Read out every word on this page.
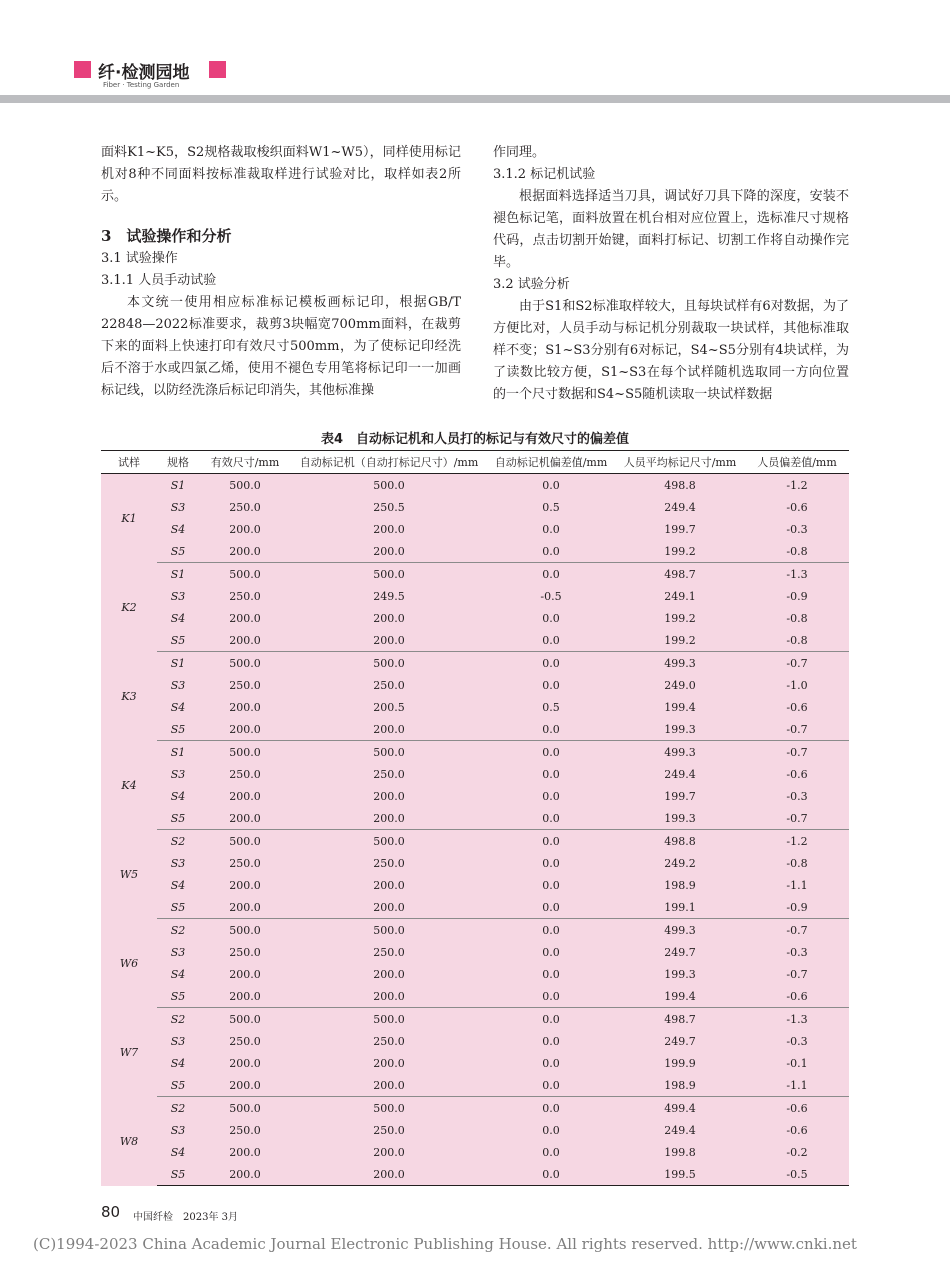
纤·检测园地
Fiber · Testing Garden

面料K1~K5，S2规格裁取梭织面料W1~W5），同样使用标记机对8种不同面料按标准裁取样进行试验对比，取样如表2所示。

3　试验操作和分析

3.1 试验操作

3.1.1 人员手动试验

本文统一使用相应标准标记模板画标记印，根据GB/T 22848—2022标准要求，裁剪3块幅宽700mm面料，在裁剪下来的面料上快速打印有效尺寸500mm，为了使标记印经洗后不溶于水或四氯乙烯，使用不褪色专用笔将标记印一一加画标记线，以防经洗涤后标记印消失，其他标准操

作同理。

3.1.2 标记机试验

根据面料选择适当刀具，调试好刀具下降的深度，安装不褪色标记笔，面料放置在机台相对应位置上，选标准尺寸规格代码，点击切割开始键，面料打标记、切割工作将自动操作完毕。

3.2 试验分析

由于S1和S2标准取样较大，且每块试样有6对数据，为了方便比对，人员手动与标记机分别裁取一块试样，其他标准取样不变；S1~S3分别有6对标记，S4~S5分别有4块试样，为了读数比较方便，S1~S3在每个试样随机选取同一方向位置的一个尺寸数据和S4~S5随机读取一块试样数据

表4　自动标记机和人员打的标记与有效尺寸的偏差值
试样	规格	有效尺寸/mm	自动标记机（自动打标记尺寸）/mm	自动标记机偏差值/mm	人员平均标记尺寸/mm	人员偏差值/mm
K1	S1	500.0	500.0	0.0	498.8	-1.2
	S3	250.0	250.5	0.5	249.4	-0.6
	S4	200.0	200.0	0.0	199.7	-0.3
	S5	200.0	200.0	0.0	199.2	-0.8
K2	S1	500.0	500.0	0.0	498.7	-1.3
	S3	250.0	249.5	-0.5	249.1	-0.9
	S4	200.0	200.0	0.0	199.2	-0.8
	S5	200.0	200.0	0.0	199.2	-0.8
K3	S1	500.0	500.0	0.0	499.3	-0.7
	S3	250.0	250.0	0.0	249.0	-1.0
	S4	200.0	200.5	0.5	199.4	-0.6
	S5	200.0	200.0	0.0	199.3	-0.7
K4	S1	500.0	500.0	0.0	499.3	-0.7
	S3	250.0	250.0	0.0	249.4	-0.6
	S4	200.0	200.0	0.0	199.7	-0.3
	S5	200.0	200.0	0.0	199.3	-0.7
W5	S2	500.0	500.0	0.0	498.8	-1.2
	S3	250.0	250.0	0.0	249.2	-0.8
	S4	200.0	200.0	0.0	198.9	-1.1
	S5	200.0	200.0	0.0	199.1	-0.9
W6	S2	500.0	500.0	0.0	499.3	-0.7
	S3	250.0	250.0	0.0	249.7	-0.3
	S4	200.0	200.0	0.0	199.3	-0.7
	S5	200.0	200.0	0.0	199.4	-0.6
W7	S2	500.0	500.0	0.0	498.7	-1.3
	S3	250.0	250.0	0.0	249.7	-0.3
	S4	200.0	200.0	0.0	199.9	-0.1
	S5	200.0	200.0	0.0	198.9	-1.1
W8	S2	500.0	500.0	0.0	499.4	-0.6
	S3	250.0	250.0	0.0	249.4	-0.6
	S4	200.0	200.0	0.0	199.8	-0.2
	S5	200.0	200.0	0.0	199.5	-0.5
80 中国纤检　2023年 3月
(C)1994-2023 China Academic Journal Electronic Publishing House. All rights reserved. http://www.cnki.net
